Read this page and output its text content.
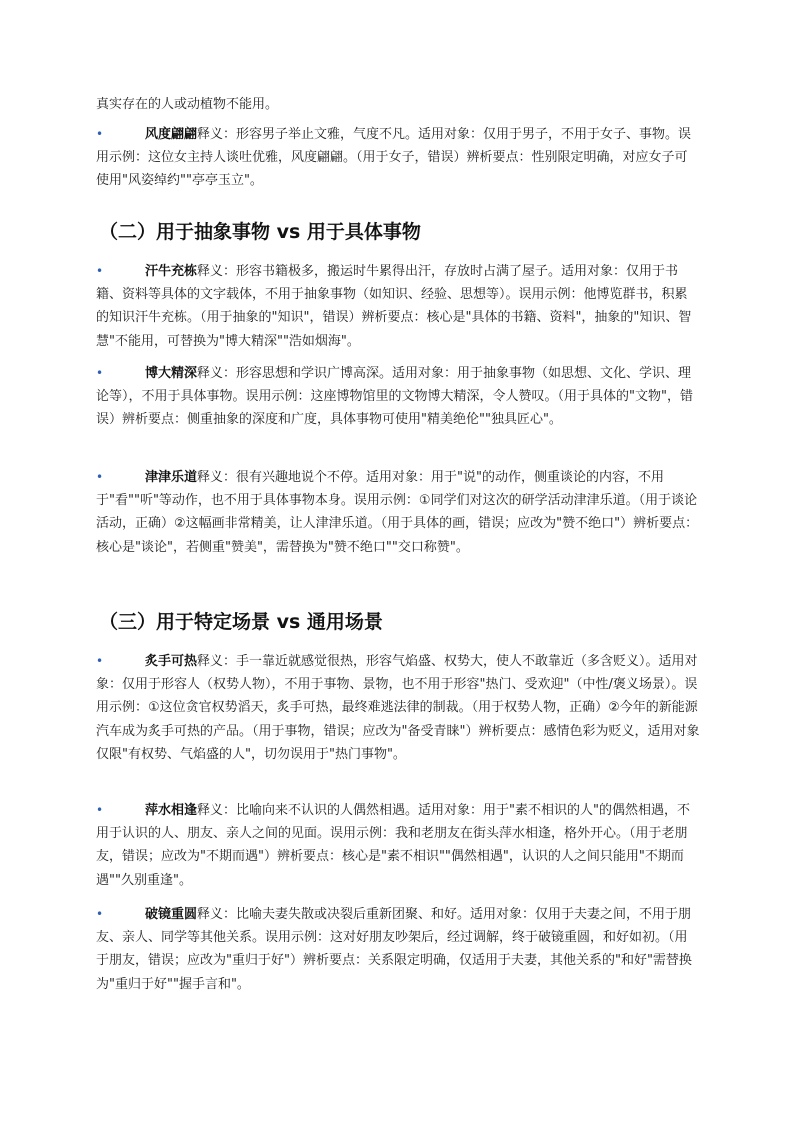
真实存在的人或动植物不能用。
•	风度翩翩释义：形容男子举止文雅，气度不凡。适用对象：仅用于男子，不用于女子、事物。误用示例：这位女主持人谈吐优雅，风度翩翩。（用于女子，错误）辨析要点：性别限定明确，对应女子可使用"风姿绰约""亭亭玉立"。

（二）用于抽象事物 vs 用于具体事物
•	汗牛充栋释义：形容书籍极多，搬运时牛累得出汗，存放时占满了屋子。适用对象：仅用于书籍、资料等具体的文字载体，不用于抽象事物（如知识、经验、思想等）。误用示例：他博览群书，积累的知识汗牛充栋。（用于抽象的"知识"，错误）辨析要点：核心是"具体的书籍、资料"，抽象的"知识、智慧"不能用，可替换为"博大精深""浩如烟海"。

•	博大精深释义：形容思想和学识广博高深。适用对象：用于抽象事物（如思想、文化、学识、理论等），不用于具体事物。误用示例：这座博物馆里的文物博大精深，令人赞叹。（用于具体的"文物"，错误）辨析要点：侧重抽象的深度和广度，具体事物可使用"精美绝伦""独具匠心"。

•	津津乐道释义：很有兴趣地说个不停。适用对象：用于"说"的动作，侧重谈论的内容，不用于"看""听"等动作，也不用于具体事物本身。误用示例：①同学们对这次的研学活动津津乐道。（用于谈论活动，正确）②这幅画非常精美，让人津津乐道。（用于具体的画，错误；应改为"赞不绝口"）辨析要点：核心是"谈论"，若侧重"赞美"，需替换为"赞不绝口""交口称赞"。

（三）用于特定场景 vs 通用场景
•	炙手可热释义：手一靠近就感觉很热，形容气焰盛、权势大，使人不敢靠近（多含贬义）。适用对象：仅用于形容人（权势人物），不用于事物、景物，也不用于形容"热门、受欢迎"（中性/褒义场景）。误用示例：①这位贪官权势滔天，炙手可热，最终难逃法律的制裁。（用于权势人物，正确）②今年的新能源汽车成为炙手可热的产品。（用于事物，错误；应改为"备受青睐"）辨析要点：感情色彩为贬义，适用对象仅限"有权势、气焰盛的人"，切勿误用于"热门事物"。

•	萍水相逢释义：比喻向来不认识的人偶然相遇。适用对象：用于"素不相识的人"的偶然相遇，不用于认识的人、朋友、亲人之间的见面。误用示例：我和老朋友在街头萍水相逢，格外开心。（用于老朋友，错误；应改为"不期而遇"）辨析要点：核心是"素不相识""偶然相遇"，认识的人之间只能用"不期而遇""久别重逢"。

•	破镜重圆释义：比喻夫妻失散或决裂后重新团聚、和好。适用对象：仅用于夫妻之间，不用于朋友、亲人、同学等其他关系。误用示例：这对好朋友吵架后，经过调解，终于破镜重圆，和好如初。（用于朋友，错误；应改为"重归于好"）辨析要点：关系限定明确，仅适用于夫妻，其他关系的"和好"需替换为"重归于好""握手言和"。
